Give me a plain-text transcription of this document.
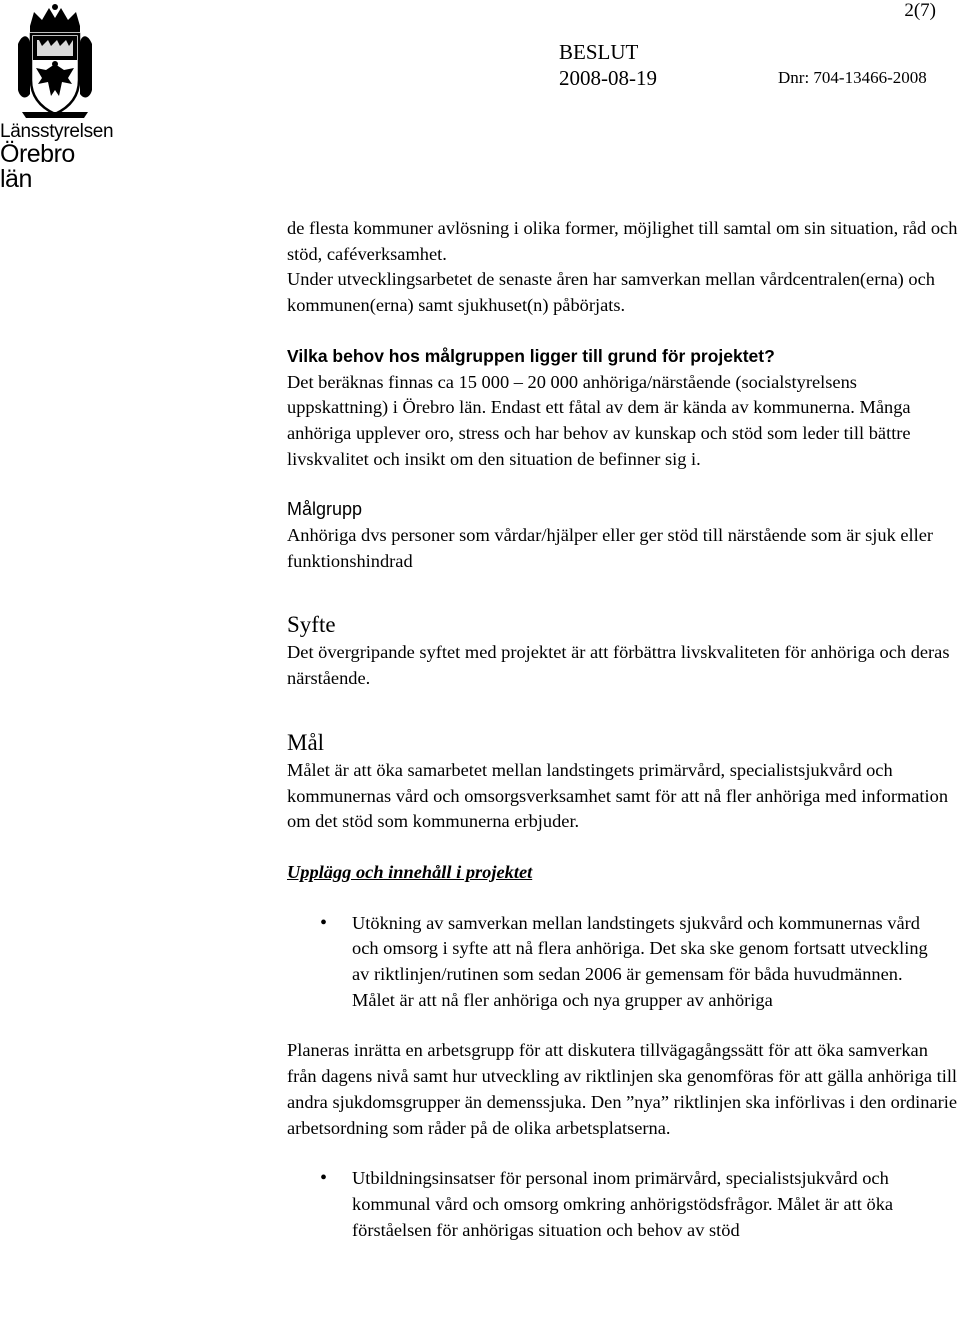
Länsstyrelsen
Örebro län
2(7)
BESLUT
2008-08-19	Dnr: 704-13466-2008

de flesta kommuner avlösning i olika former, möjlighet till samtal om sin situation, råd och stöd, caféverksamhet.

Under utvecklingsarbetet de senaste åren har samverkan mellan vårdcentralen(erna) och kommunen(erna) samt sjukhuset(n) påbörjats.

Vilka behov hos målgruppen ligger till grund för projektet?

Det beräknas finnas ca 15 000 – 20 000 anhöriga/närstående (socialstyrelsens uppskattning) i Örebro län. Endast ett fåtal av dem är kända av kommunerna. Många anhöriga upplever oro, stress och har behov av kunskap och stöd som leder till bättre livskvalitet och insikt om den situation de befinner sig i.

Målgrupp

Anhöriga dvs personer som vårdar/hjälper eller ger stöd till närstående som är sjuk eller funktionshindrad

Syfte

Det övergripande syftet med projektet är att förbättra livskvaliteten för anhöriga och deras närstående.

Mål

Målet är att öka samarbetet mellan landstingets primärvård, specialistsjukvård och kommunernas vård och omsorgsverksamhet samt för att nå fler anhöriga med information om det stöd som kommunerna erbjuder.

Upplägg och innehåll i projektet

• Utökning av samverkan mellan landstingets sjukvård och kommunernas vård och omsorg i syfte att nå flera anhöriga. Det ska ske genom fortsatt utveckling av riktlinjen/rutinen som sedan 2006 är gemensam för båda huvudmännen. Målet är att nå fler anhöriga och nya grupper av anhöriga

Planeras inrätta en arbetsgrupp för att diskutera tillvägagångssätt för att öka samverkan från dagens nivå samt hur utveckling av riktlinjen ska genomföras för att gälla anhöriga till andra sjukdomsgrupper än demenssjuka. Den ”nya” riktlinjen ska införlivas i den ordinarie arbetsordning som råder på de olika arbetsplatserna.

• Utbildningsinsatser för personal inom primärvård, specialistsjukvård och kommunal vård och omsorg omkring anhörigstödsfrågor. Målet är att öka förståelsen för anhörigas situation och behov av stöd
